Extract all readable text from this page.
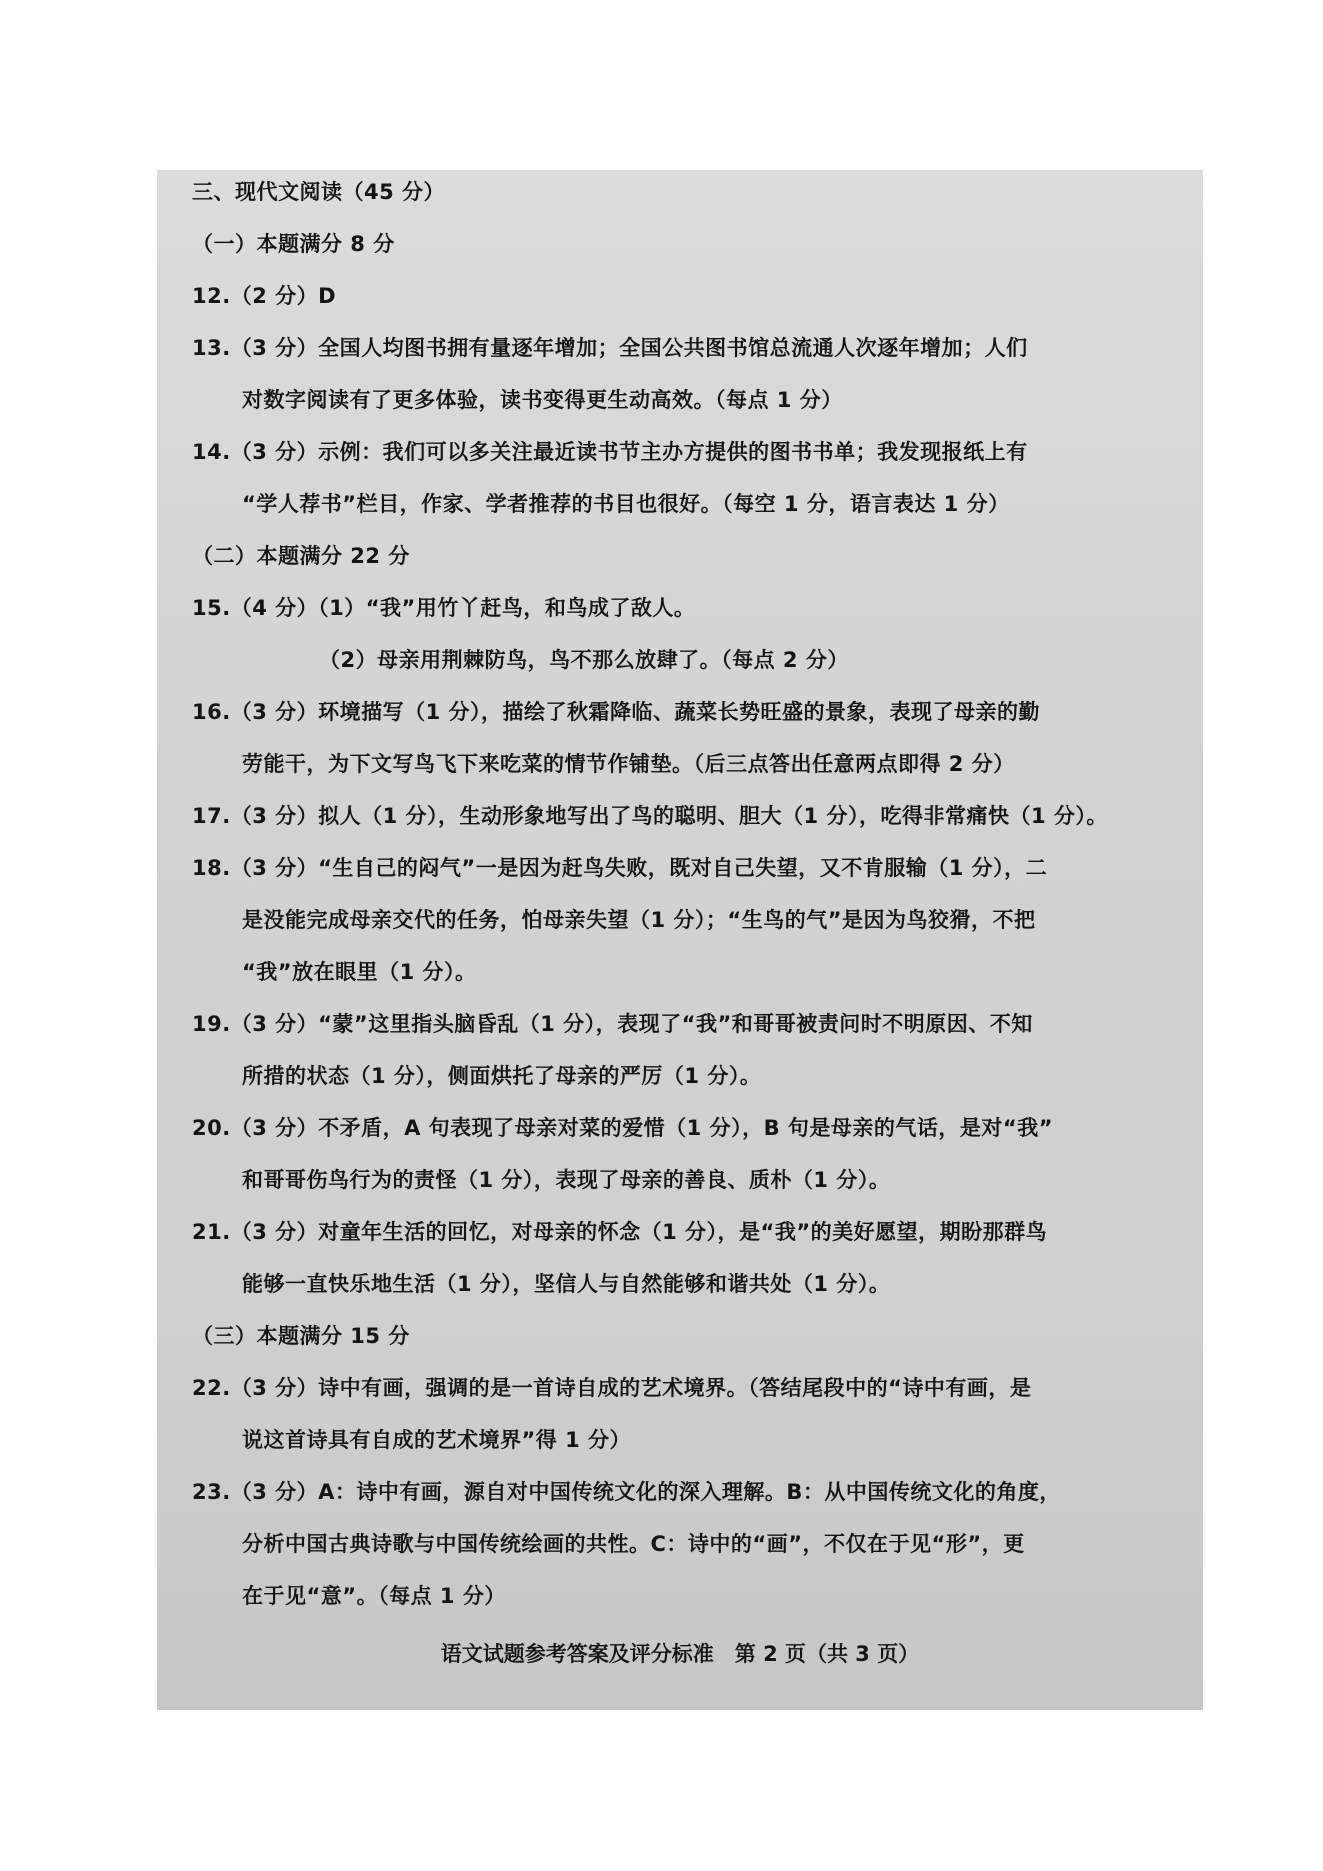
三、现代文阅读（45 分）
（一）本题满分 8 分
12.（2 分）D
13.（3 分）全国人均图书拥有量逐年增加；全国公共图书馆总流通人次逐年增加；人们
对数字阅读有了更多体验，读书变得更生动高效。（每点 1 分）
14.（3 分）示例：我们可以多关注最近读书节主办方提供的图书书单；我发现报纸上有
“学人荐书”栏目，作家、学者推荐的书目也很好。（每空 1 分，语言表达 1 分）
（二）本题满分 22 分
15.（4 分）（1）“我”用竹丫赶鸟，和鸟成了敌人。
（2）母亲用荆棘防鸟，鸟不那么放肆了。（每点 2 分）
16.（3 分）环境描写（1 分），描绘了秋霜降临、蔬菜长势旺盛的景象，表现了母亲的勤
劳能干，为下文写鸟飞下来吃菜的情节作铺垫。（后三点答出任意两点即得 2 分）
17.（3 分）拟人（1 分），生动形象地写出了鸟的聪明、胆大（1 分），吃得非常痛快（1 分）。
18.（3 分）“生自己的闷气”一是因为赶鸟失败，既对自己失望，又不肯服输（1 分），二
是没能完成母亲交代的任务，怕母亲失望（1 分）；“生鸟的气”是因为鸟狡猾，不把
“我”放在眼里（1 分）。
19.（3 分）“蒙”这里指头脑昏乱（1 分），表现了“我”和哥哥被责问时不明原因、不知
所措的状态（1 分），侧面烘托了母亲的严厉（1 分）。
20.（3 分）不矛盾，A 句表现了母亲对菜的爱惜（1 分），B 句是母亲的气话，是对“我”
和哥哥伤鸟行为的责怪（1 分），表现了母亲的善良、质朴（1 分）。
21.（3 分）对童年生活的回忆，对母亲的怀念（1 分），是“我”的美好愿望，期盼那群鸟
能够一直快乐地生活（1 分），坚信人与自然能够和谐共处（1 分）。
（三）本题满分 15 分
22.（3 分）诗中有画，强调的是一首诗自成的艺术境界。（答结尾段中的“诗中有画，是
说这首诗具有自成的艺术境界”得 1 分）
23.（3 分）A：诗中有画，源自对中国传统文化的深入理解。B：从中国传统文化的角度，
分析中国古典诗歌与中国传统绘画的共性。C：诗中的“画”，不仅在于见“形”，更
在于见“意”。（每点 1 分）
语文试题参考答案及评分标准　第 2 页（共 3 页）
